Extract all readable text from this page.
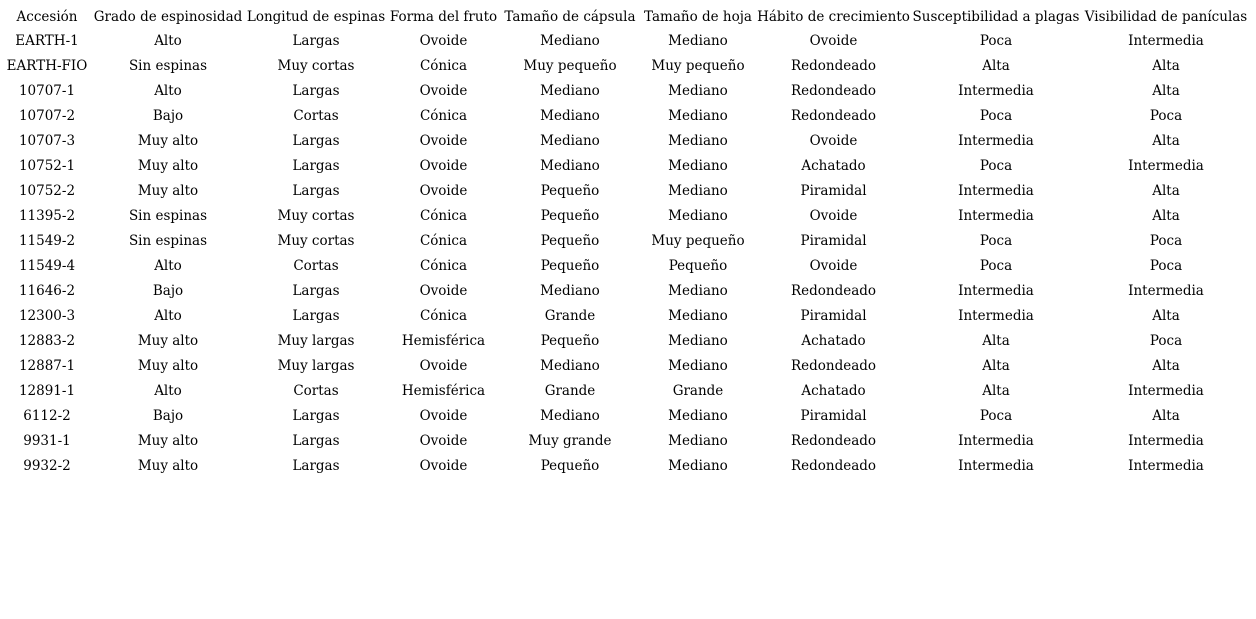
Accesión	Grado de espinosidad	Longitud de espinas	Forma del fruto	Tamaño de cápsula	Tamaño de hoja	Hábito de crecimiento	Susceptibilidad a plagas	Visibilidad de panículas
EARTH-1	Alto	Largas	Ovoide	Mediano	Mediano	Ovoide	Poca	Intermedia
EARTH-FIO	Sin espinas	Muy cortas	Cónica	Muy pequeño	Muy pequeño	Redondeado	Alta	Alta
10707-1	Alto	Largas	Ovoide	Mediano	Mediano	Redondeado	Intermedia	Alta
10707-2	Bajo	Cortas	Cónica	Mediano	Mediano	Redondeado	Poca	Poca
10707-3	Muy alto	Largas	Ovoide	Mediano	Mediano	Ovoide	Intermedia	Alta
10752-1	Muy alto	Largas	Ovoide	Mediano	Mediano	Achatado	Poca	Intermedia
10752-2	Muy alto	Largas	Ovoide	Pequeño	Mediano	Piramidal	Intermedia	Alta
11395-2	Sin espinas	Muy cortas	Cónica	Pequeño	Mediano	Ovoide	Intermedia	Alta
11549-2	Sin espinas	Muy cortas	Cónica	Pequeño	Muy pequeño	Piramidal	Poca	Poca
11549-4	Alto	Cortas	Cónica	Pequeño	Pequeño	Ovoide	Poca	Poca
11646-2	Bajo	Largas	Ovoide	Mediano	Mediano	Redondeado	Intermedia	Intermedia
12300-3	Alto	Largas	Cónica	Grande	Mediano	Piramidal	Intermedia	Alta
12883-2	Muy alto	Muy largas	Hemisférica	Pequeño	Mediano	Achatado	Alta	Poca
12887-1	Muy alto	Muy largas	Ovoide	Mediano	Mediano	Redondeado	Alta	Alta
12891-1	Alto	Cortas	Hemisférica	Grande	Grande	Achatado	Alta	Intermedia
6112-2	Bajo	Largas	Ovoide	Mediano	Mediano	Piramidal	Poca	Alta
9931-1	Muy alto	Largas	Ovoide	Muy grande	Mediano	Redondeado	Intermedia	Intermedia
9932-2	Muy alto	Largas	Ovoide	Pequeño	Mediano	Redondeado	Intermedia	Intermedia
